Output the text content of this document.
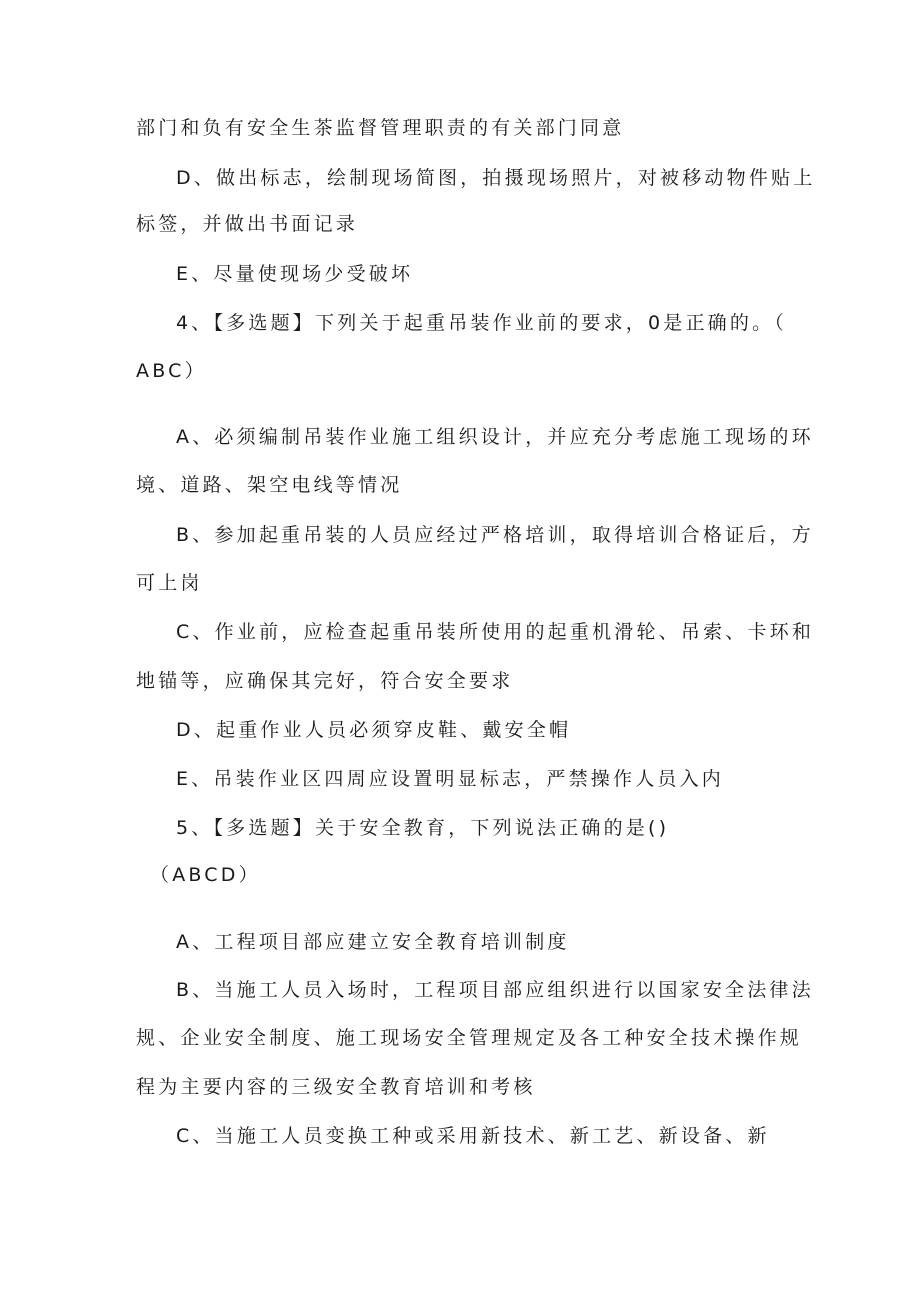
部门和负有安全生茶监督管理职责的有关部门同意
D、做出标志，绘制现场简图，拍摄现场照片，对被移动物件贴上
标签，并做出书面记录
E、尽量使现场少受破坏
4、【多选题】下列关于起重吊装作业前的要求，0是正确的。（
ABC）
A、必须编制吊装作业施工组织设计，并应充分考虑施工现场的环
境、道路、架空电线等情况
B、参加起重吊装的人员应经过严格培训，取得培训合格证后，方
可上岗
C、作业前，应检查起重吊装所使用的起重机滑轮、吊索、卡环和
地锚等，应确保其完好，符合安全要求
D、起重作业人员必须穿皮鞋、戴安全帽
E、吊装作业区四周应设置明显标志，严禁操作人员入内
5、【多选题】关于安全教育，下列说法正确的是()
（ABCD）
A、工程项目部应建立安全教育培训制度
B、当施工人员入场时，工程项目部应组织进行以国家安全法律法
规、企业安全制度、施工现场安全管理规定及各工种安全技术操作规
程为主要内容的三级安全教育培训和考核
C、当施工人员变换工种或采用新技术、新工艺、新设备、新
